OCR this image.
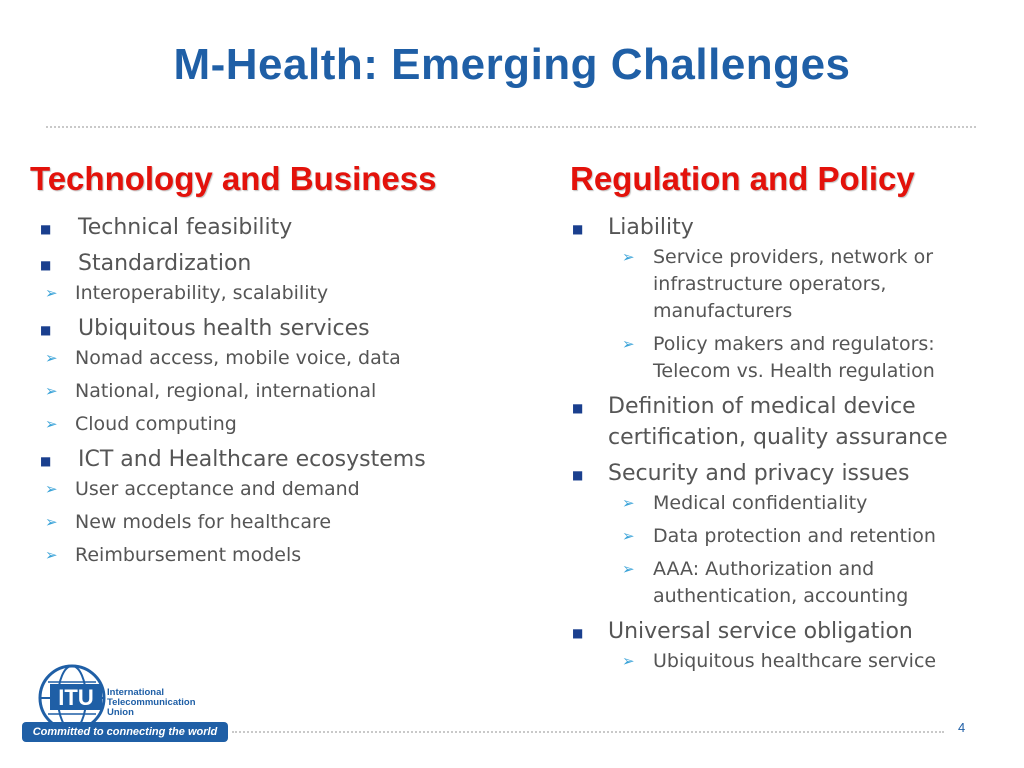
M-Health: Emerging Challenges
Technology and Business
■ Technical feasibility
■ Standardization
➢ Interoperability, scalability
■ Ubiquitous health services
➢ Nomad access, mobile voice, data
➢ National, regional, international
➢ Cloud computing
■ ICT and Healthcare ecosystems
➢ User acceptance and demand
➢ New models for healthcare
➢ Reimbursement models
Regulation and Policy
■ Liability
➢ Service providers, network or infrastructure operators, manufacturers
➢ Policy makers and regulators: Telecom vs. Health regulation
■ Definition of medical device certification, quality assurance
■ Security and privacy issues
➢ Medical confidentiality
➢ Data protection and retention
➢ AAA: Authorization and authentication, accounting
■ Universal service obligation
➢ Ubiquitous healthcare service
ITU International
Telecommunication
Union
Committed to connecting the world	4
